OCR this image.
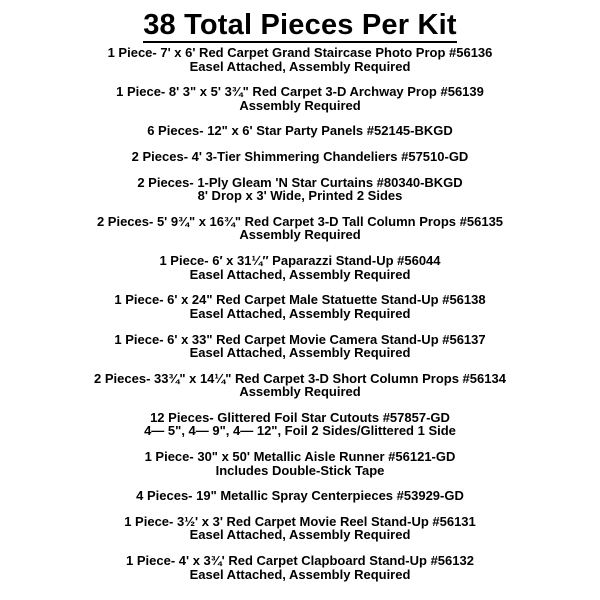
38 Total Pieces Per Kit
1 Piece- 7' x 6' Red Carpet Grand Staircase Photo Prop #56136
Easel Attached, Assembly Required
1 Piece- 8' 3" x 5' 3¾" Red Carpet 3-D Archway Prop #56139
Assembly Required
6 Pieces- 12" x 6' Star Party Panels #52145-BKGD
2 Pieces- 4' 3-Tier Shimmering Chandeliers #57510-GD
2 Pieces- 1-Ply Gleam 'N Star Curtains #80340-BKGD
8' Drop x 3' Wide, Printed 2 Sides
2 Pieces- 5' 9¾" x 16¾" Red Carpet 3-D Tall Column Props #56135
Assembly Required
1 Piece- 6′ x 31¼″ Paparazzi Stand-Up #56044
Easel Attached, Assembly Required
1 Piece- 6' x 24" Red Carpet Male Statuette Stand-Up #56138
Easel Attached, Assembly Required
1 Piece- 6' x 33" Red Carpet Movie Camera Stand-Up #56137
Easel Attached, Assembly Required
2 Pieces- 33¾" x 14¼" Red Carpet 3-D Short Column Props #56134
Assembly Required
12 Pieces- Glittered Foil Star Cutouts #57857-GD
4— 5", 4— 9", 4— 12", Foil 2 Sides/Glittered 1 Side
1 Piece- 30" x 50' Metallic Aisle Runner #56121-GD
Includes Double-Stick Tape
4 Pieces- 19" Metallic Spray Centerpieces #53929-GD
1 Piece- 3½' x 3' Red Carpet Movie Reel Stand-Up #56131
Easel Attached, Assembly Required
1 Piece- 4' x 3¾' Red Carpet Clapboard Stand-Up #56132
Easel Attached, Assembly Required
